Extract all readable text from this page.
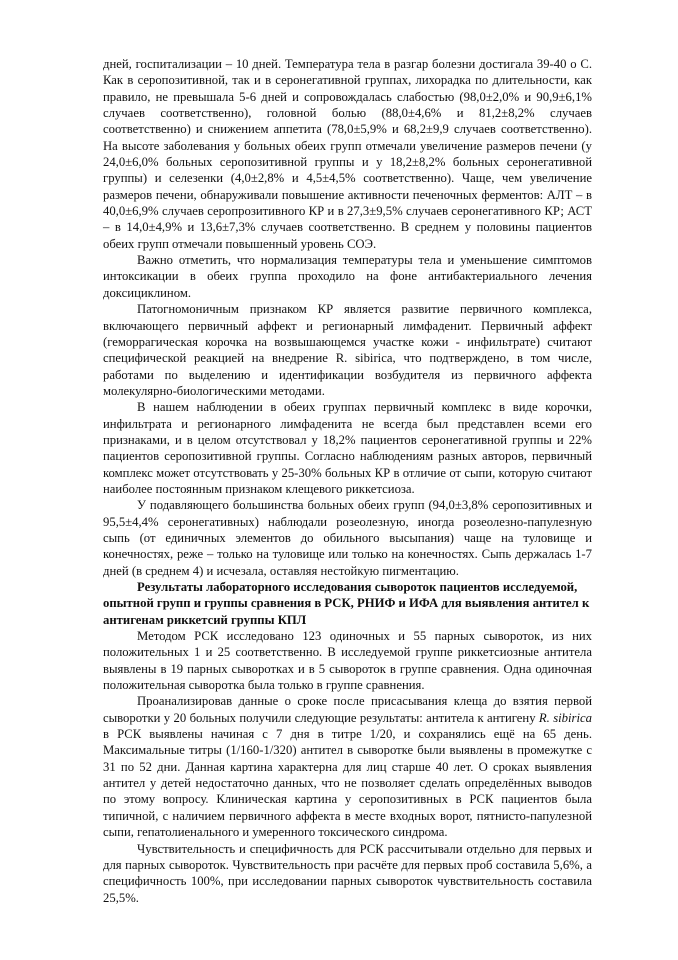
дней, госпитализации – 10 дней. Температура тела в разгар болезни достигала 39-40 о С. Как в серопозитивной, так и в серонегативной группах, лихорадка по длительности, как правило, не превышала 5-6 дней и сопровождалась слабостью (98,0±2,0% и 90,9±6,1% случаев соответственно), головной болью (88,0±4,6% и 81,2±8,2% случаев соответственно) и снижением аппетита (78,0±5,9% и 68,2±9,9 случаев соответственно). На высоте заболевания у больных обеих групп отмечали увеличение размеров печени (у 24,0±6,0% больных серопозитивной группы и у 18,2±8,2% больных серонегативной группы) и селезенки (4,0±2,8% и 4,5±4,5% соответственно). Чаще, чем увеличение размеров печени, обнаруживали повышение активности печеночных ферментов: АЛТ – в 40,0±6,9% случаев серопрозитивного КР и в 27,3±9,5% случаев серонегативного КР; АСТ – в 14,0±4,9% и 13,6±7,3% случаев соответственно. В среднем у половины пациентов обеих групп отмечали повышенный уровень СОЭ.

Важно отметить, что нормализация температуры тела и уменьшение симптомов интоксикации в обеих группа проходило на фоне антибактериального лечения доксициклином.

Патогномоничным признаком КР является развитие первичного комплекса, включающего первичный аффект и регионарный лимфаденит. Первичный аффект (геморрагическая корочка на возвышающемся участке кожи - инфильтрате) считают специфической реакцией на внедрение R. sibirica, что подтверждено, в том числе, работами по выделению и идентификации возбудителя из первичного аффекта молекулярно-биологическими методами.

В нашем наблюдении в обеих группах первичный комплекс в виде корочки, инфильтрата и регионарного лимфаденита не всегда был представлен всеми его признаками, и в целом отсутствовал у 18,2% пациентов серонегативной группы и 22% пациентов серопозитивной группы. Согласно наблюдениям разных авторов, первичный комплекс может отсутствовать у 25-30% больных КР в отличие от сыпи, которую считают наиболее постоянным признаком клещевого риккетсиоза.

У подавляющего большинства больных обеих групп (94,0±3,8% серопозитивных и 95,5±4,4% серонегативных) наблюдали розеолезную, иногда розеолезно-папулезную сыпь (от единичных элементов до обильного высыпания) чаще на туловище и конечностях, реже – только на туловище или только на конечностях. Сыпь держалась 1-7 дней (в среднем 4) и исчезала, оставляя нестойкую пигментацию.

Результаты лабораторного исследования сывороток пациентов исследуемой, опытной групп и группы сравнения в РСК, РНИФ и ИФА для выявления антител к антигенам риккетсий группы КПЛ

Методом РСК исследовано 123 одиночных и 55 парных сывороток, из них положительных 1 и 25 соответственно. В исследуемой группе риккетсиозные антитела выявлены в 19 парных сыворотках и в 5 сывороток в группе сравнения. Одна одиночная положительная сыворотка была только в группе сравнения.

Проанализировав данные о сроке после присасывания клеща до взятия первой сыворотки у 20 больных получили следующие результаты: антитела к антигену R. sibirica в РСК выявлены начиная с 7 дня в титре 1/20, и сохранялись ещё на 65 день. Максимальные титры (1/160-1/320) антител в сыворотке были выявлены в промежутке с 31 по 52 дни. Данная картина характерна для лиц старше 40 лет. О сроках выявления антител у детей недостаточно данных, что не позволяет сделать определённых выводов по этому вопросу. Клиническая картина у серопозитивных в РСК пациентов была типичной, с наличием первичного аффекта в месте входных ворот, пятнисто-папулезной сыпи, гепатолиенального и умеренного токсического синдрома.

Чувствительность и специфичность для РСК рассчитывали отдельно для первых и для парных сывороток. Чувствительность при расчёте для первых проб составила 5,6%, а специфичность 100%, при исследовании парных сывороток чувствительность составила 25,5%.
